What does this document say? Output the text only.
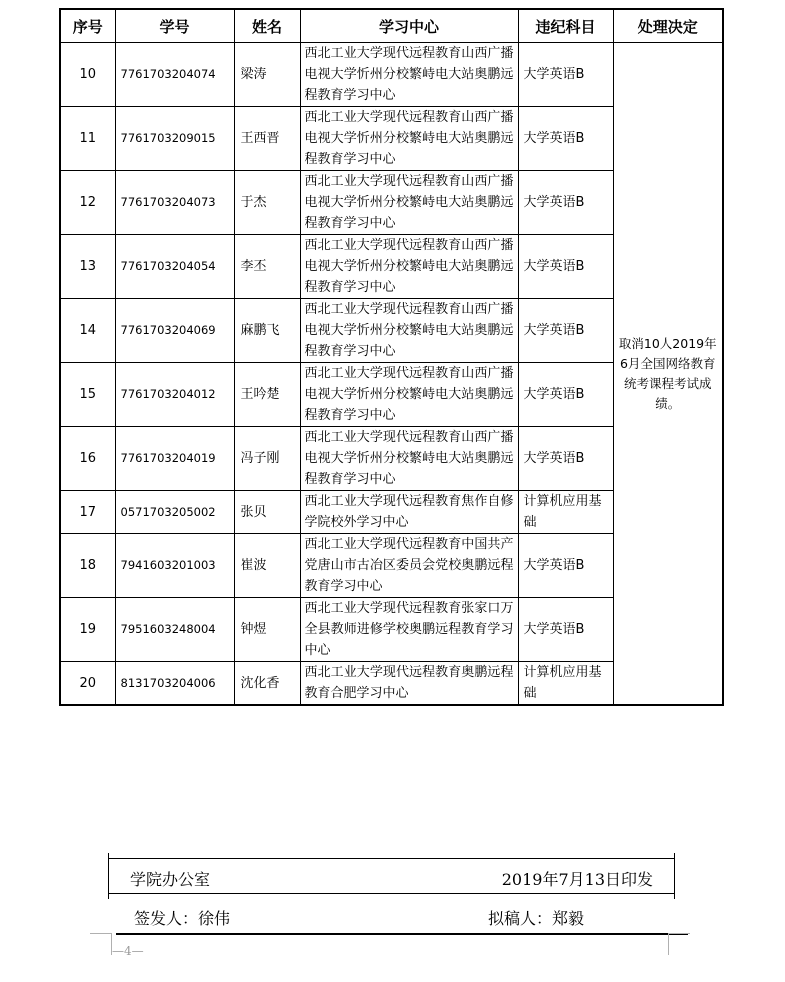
序号	学号	姓名	学习中心	违纪科目	处理决定
10	7761703204074	梁涛	西北工业大学现代远程教育山西广播电视大学忻州分校繁峙电大站奥鹏远程教育学习中心	大学英语B	取消10人2019年6月全国网络教育统考课程考试成绩。
11	7761703209015	王西晋	西北工业大学现代远程教育山西广播电视大学忻州分校繁峙电大站奥鹏远程教育学习中心	大学英语B	
12	7761703204073	于杰	西北工业大学现代远程教育山西广播电视大学忻州分校繁峙电大站奥鹏远程教育学习中心	大学英语B	
13	7761703204054	李丕	西北工业大学现代远程教育山西广播电视大学忻州分校繁峙电大站奥鹏远程教育学习中心	大学英语B	
14	7761703204069	麻鹏飞	西北工业大学现代远程教育山西广播电视大学忻州分校繁峙电大站奥鹏远程教育学习中心	大学英语B	
15	7761703204012	王吟楚	西北工业大学现代远程教育山西广播电视大学忻州分校繁峙电大站奥鹏远程教育学习中心	大学英语B	
16	7761703204019	冯子刚	西北工业大学现代远程教育山西广播电视大学忻州分校繁峙电大站奥鹏远程教育学习中心	大学英语B	
17	0571703205002	张贝	西北工业大学现代远程教育焦作自修学院校外学习中心	计算机应用基础	
18	7941603201003	崔波	西北工业大学现代远程教育中国共产党唐山市古冶区委员会党校奥鹏远程教育学习中心	大学英语B	
19	7951603248004	钟煜	西北工业大学现代远程教育张家口万全县教师进修学校奥鹏远程教育学习中心	大学英语B	
20	8131703204006	沈化香	西北工业大学现代远程教育奥鹏远程教育合肥学习中心	计算机应用基础	
学院办公室	2019年7月13日印发
签发人：徐伟	拟稿人：郑毅
—4—
